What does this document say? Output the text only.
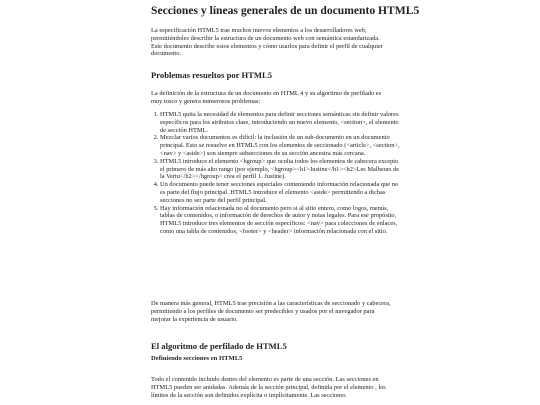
Secciones y líneas generales de un documento HTML5

La especificación HTML5 trae muchos nuevos elementos a los desarrolladores web, permitiéndoles describir la estructura de un documento web con semántica estandarizada. Este documento describe estos elementos y cómo usarlos para definir el perfil de cualquier documento.

Problemas resueltos por HTML5

La definición de la estructura de un documento en HTML 4 y su algoritmo de perfilado es muy tosco y genera numerosos problemas:

1. HTML5 quita la necesidad de elementos para definir secciones semánticas sin definir valores específicos para los atributos clase, introduciendo un nuevo elemento, <section>, el elemento de sección HTML.
2. Mezclar varios documentos es difícil: la inclusión de un sub-documento en un documento principal. Esto se resuelve en HTML5 con los elementos de seccionado (<article>, <section>, <nav> y <aside>) son siempre subsecciones de su sección ancestra más cercana.
3. HTML5 introduce el elemento <hgroup> que oculta todos los elementos de cabecera excepto el primero de más alto rango (por ejemplo, <hgroup><h1>Justine</h1><h2>Les Malheurs de la Vertu</h2></hgroup> crea el perfil 1. Justine).
4. Un documento puede tener secciones especiales conteniendo información relacionada que no es parte del flujo principal. HTML5 introduce el elemento <aside> permitiendo a dichas secciones no ser parte del perfil principal.
5. Hay información relacionada no al documento pero si al sitio entero, como logos, menús, tablas de contenidos, o información de derechos de autor y notas legales. Para ese propósito, HTML5 introduce tres elementos de sección específicos: <nav> para colecciones de enlaces, como una tabla de contenidos, <footer> y <header> información relacionada con el sitio.

De manera más general, HTML5 trae precisión a las características de seccionado y cabecera, permitiendo a los perfiles de documento ser predecibles y usados por el navegador para mejorar la experiencia de usuario.

El algoritmo de perfilado de HTML5
Definiendo secciones en HTML5

Todo el contenido incluido dentro del elemento es parte de una sección. Las secciones en HTML5 pueden ser anidadas. Además de la sección principal, definida por el elemento , los límites de la sección son definidos explícita o implícitamente. Las secciones
